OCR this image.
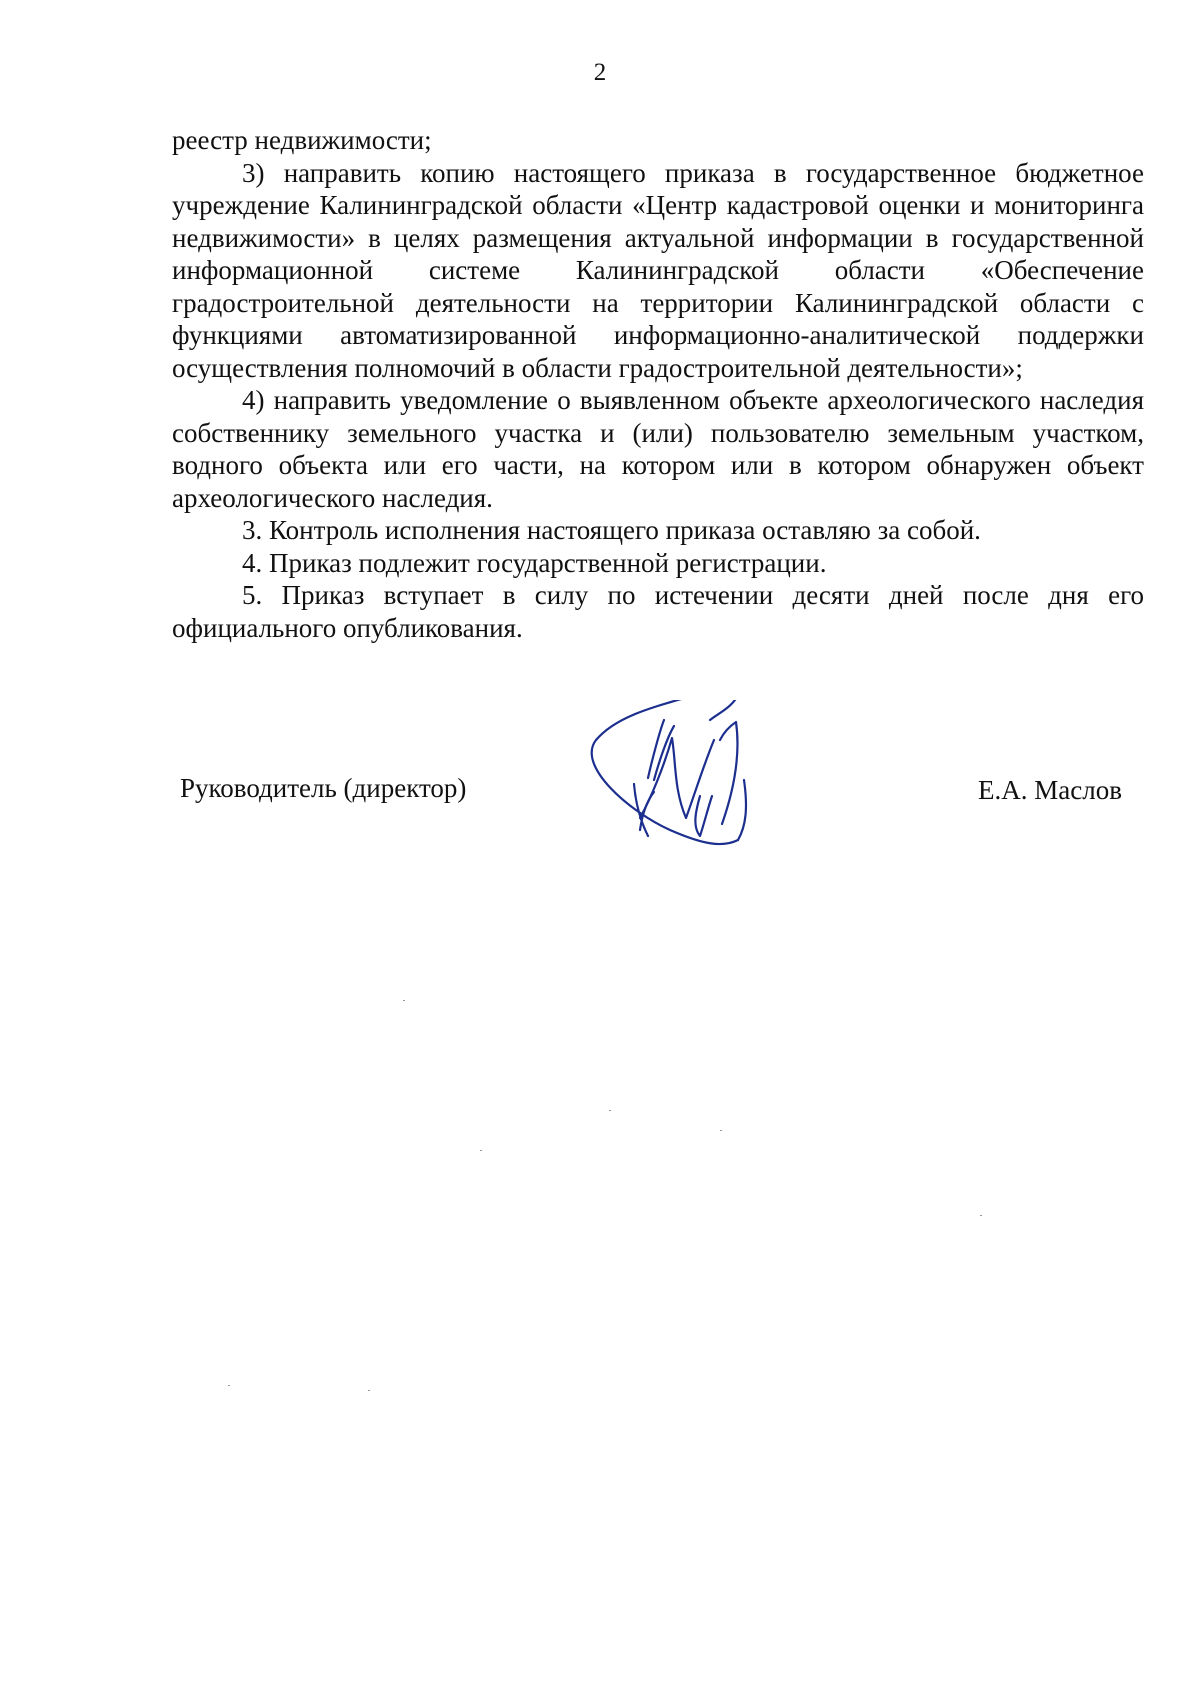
2

реестр недвижимости;

3) направить копию настоящего приказа в государственное бюджетное учреждение Калининградской области «Центр кадастровой оценки и мониторинга недвижимости» в целях размещения актуальной информации в государственной информационной системе Калининградской области «Обеспечение градостроительной деятельности на территории Калининградской области с функциями автоматизированной информационно-аналитической поддержки осуществления полномочий в области градостроительной деятельности»;

4) направить уведомление о выявленном объекте археологического наследия собственнику земельного участка и (или) пользователю земельным участком, водного объекта или его части, на котором или в котором обнаружен объект археологического наследия.

3. Контроль исполнения настоящего приказа оставляю за собой.

4. Приказ подлежит государственной регистрации.

5. Приказ вступает в силу по истечении десяти дней после дня его официального опубликования.

Руководитель (директор)	Е.А. Маслов
